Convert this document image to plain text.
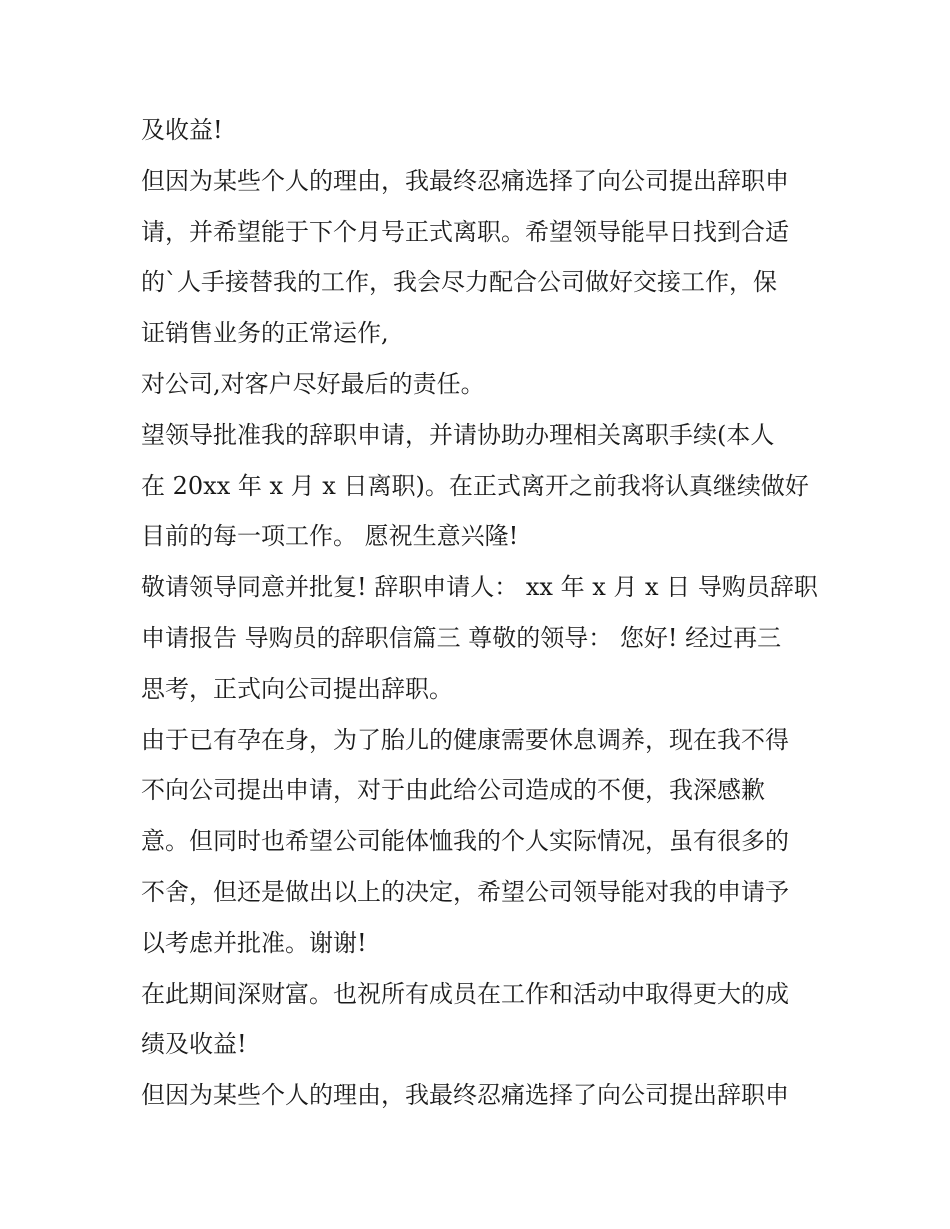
及收益!
但因为某些个人的理由，我最终忍痛选择了向公司提出辞职申
请，并希望能于下个月号正式离职。希望领导能早日找到合适
的`人手接替我的工作，我会尽力配合公司做好交接工作，保
证销售业务的正常运作,
对公司,对客户尽好最后的责任。
望领导批准我的辞职申请，并请协助办理相关离职手续(本人
在 20xx 年 x 月 x 日离职)。在正式离开之前我将认真继续做好
目前的每一项工作。 愿祝生意兴隆!
敬请领导同意并批复! 辞职申请人： xx 年 x 月 x 日 导购员辞职
申请报告 导购员的辞职信篇三 尊敬的领导： 您好! 经过再三
思考，正式向公司提出辞职。
由于已有孕在身，为了胎儿的健康需要休息调养，现在我不得
不向公司提出申请，对于由此给公司造成的不便，我深感歉
意。但同时也希望公司能体恤我的个人实际情况，虽有很多的
不舍，但还是做出以上的决定，希望公司领导能对我的申请予
以考虑并批准。谢谢!
在此期间深财富。也祝所有成员在工作和活动中取得更大的成
绩及收益!
但因为某些个人的理由，我最终忍痛选择了向公司提出辞职申
